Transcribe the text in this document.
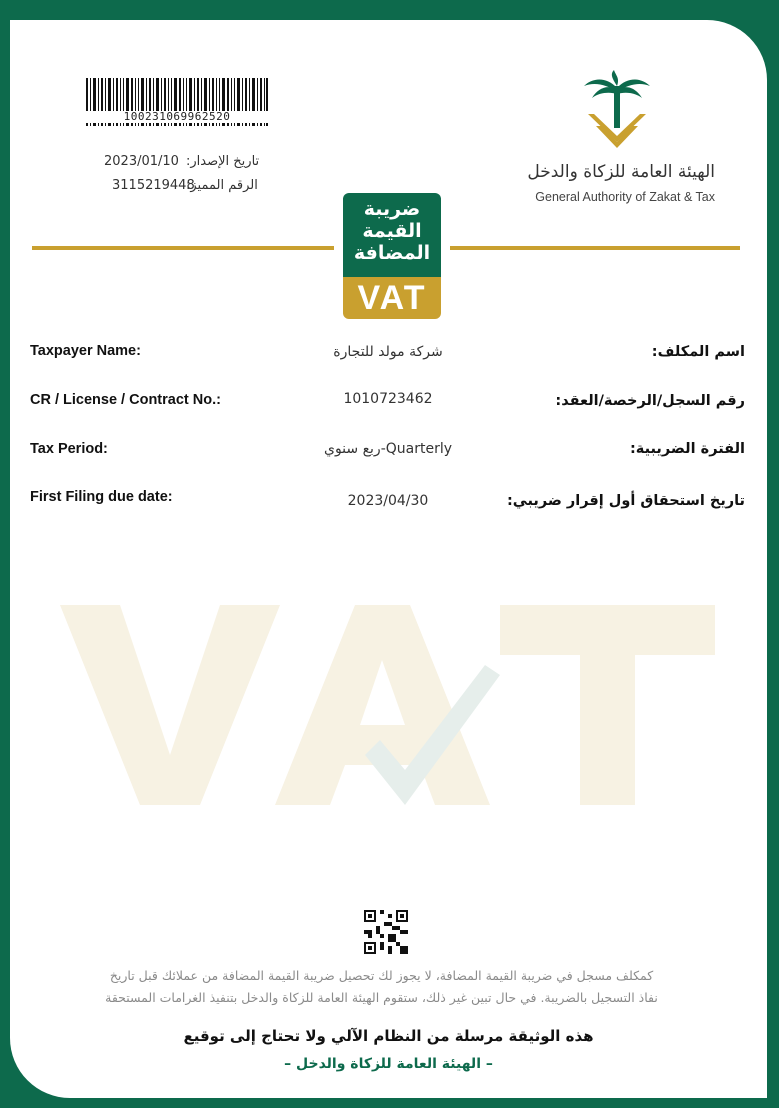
100231069962520
2023/01/10 تاريخ الإصدار:
3115219448
الرقم المميز:
الهيئة العامة للزكاة والدخل
General Authority of Zakat & Tax
ضريبة
القيمة
المضافة
VAT
Taxpayer Name:	شركة مولد للتجارة	اسم المكلف:
CR / License / Contract No.:	1010723462	رقم السجل/الرخصة/العقد:
Tax Period:	ربع سنوي-Quarterly	الفترة الضريبية:
First Filing due date:	2023/04/30	تاريخ استحقاق أول إقرار ضريبي:
كمكلف مسجل في ضريبة القيمة المضافة، لا يجوز لك تحصيل ضريبة القيمة المضافة من عملائك قبل تاريخ
نفاذ التسجيل بالضريبة. في حال تبين غير ذلك، ستقوم الهيئة العامة للزكاة والدخل بتنفيذ الغرامات المستحقة
هذه الوثيقة مرسلة من النظام الآلي ولا تحتاج إلى توقيع
– الهيئة العامة للزكاة والدخل –
